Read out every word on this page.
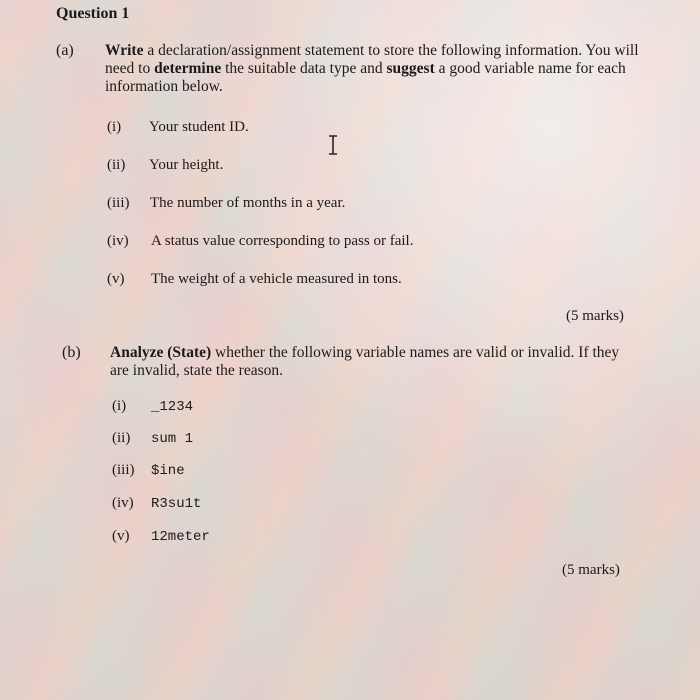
Question 1
(a) Write a declaration/assignment statement to store the following information. You will need to determine the suitable data type and suggest a good variable name for each information below.
(i) Your student ID.
(ii) Your height.
(iii) The number of months in a year.
(iv) A status value corresponding to pass or fail.
(v) The weight of a vehicle measured in tons.
(5 marks)
(b) Analyze (State) whether the following variable names are valid or invalid. If they are invalid, state the reason.
(i) _1234
(ii) sum 1
(iii) $ine
(iv) R3su1t
(v) 12meter
(5 marks)
